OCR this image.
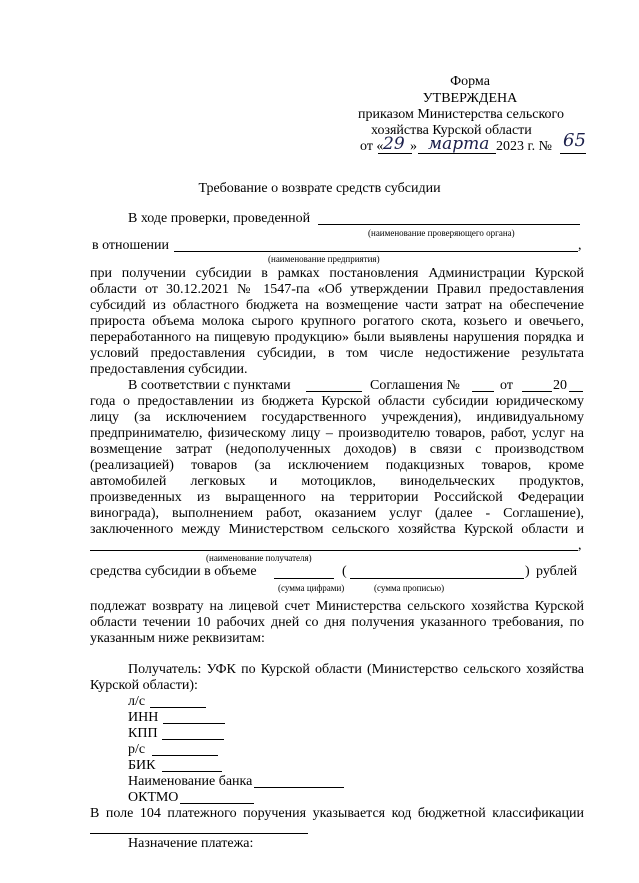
Форма
УТВЕРЖДЕНА
приказом Министерства сельского
хозяйства Курской области
от « 29 » марта 2023 г. № 65
Требование о возврате средств субсидии
В ходе проверки, проведенной
(наименование проверяющего органа)
в отношении	,
(наименование предприятия)
при получении субсидии в рамках постановления Администрации Курской
области от 30.12.2021 № 1547-па «Об утверждении Правил предоставления
субсидий из областного бюджета на возмещение части затрат на обеспечение
прироста объема молока сырого крупного рогатого скота, козьего и овечьего,
переработанного на пищевую продукцию» были выявлены нарушения порядка и
условий предоставления субсидии, в том числе недостижение результата
предоставления субсидии.
В соответствии с пунктами	Соглашения №	от	20
года о предоставлении из бюджета Курской области субсидии юридическому
лицу (за исключением государственного учреждения), индивидуальному
предпринимателю, физическому лицу – производителю товаров, работ, услуг на
возмещение затрат (недополученных доходов) в связи с производством
(реализацией) товаров (за исключением подакцизных товаров, кроме
автомобилей легковых и мотоциклов, винодельческих продуктов,
произведенных из выращенного на территории Российской Федерации
винограда), выполнением работ, оказанием услуг (далее - Соглашение),
заключенного между Министерством сельского хозяйства Курской области и
,
(наименование получателя)
средства субсидии в объеме	(	) рублей
(сумма цифрами)	(сумма прописью)
подлежат возврату на лицевой счет Министерства сельского хозяйства Курской
области течении 10 рабочих дней со дня получения указанного требования, по
указанным ниже реквизитам:
Получатель: УФК по Курской области (Министерство сельского хозяйства
Курской области):
л/с
ИНН
КПП
р/с
БИК
Наименование банка
ОКТМО
В поле 104 платежного поручения указывается код бюджетной классификации
Назначение платежа:
